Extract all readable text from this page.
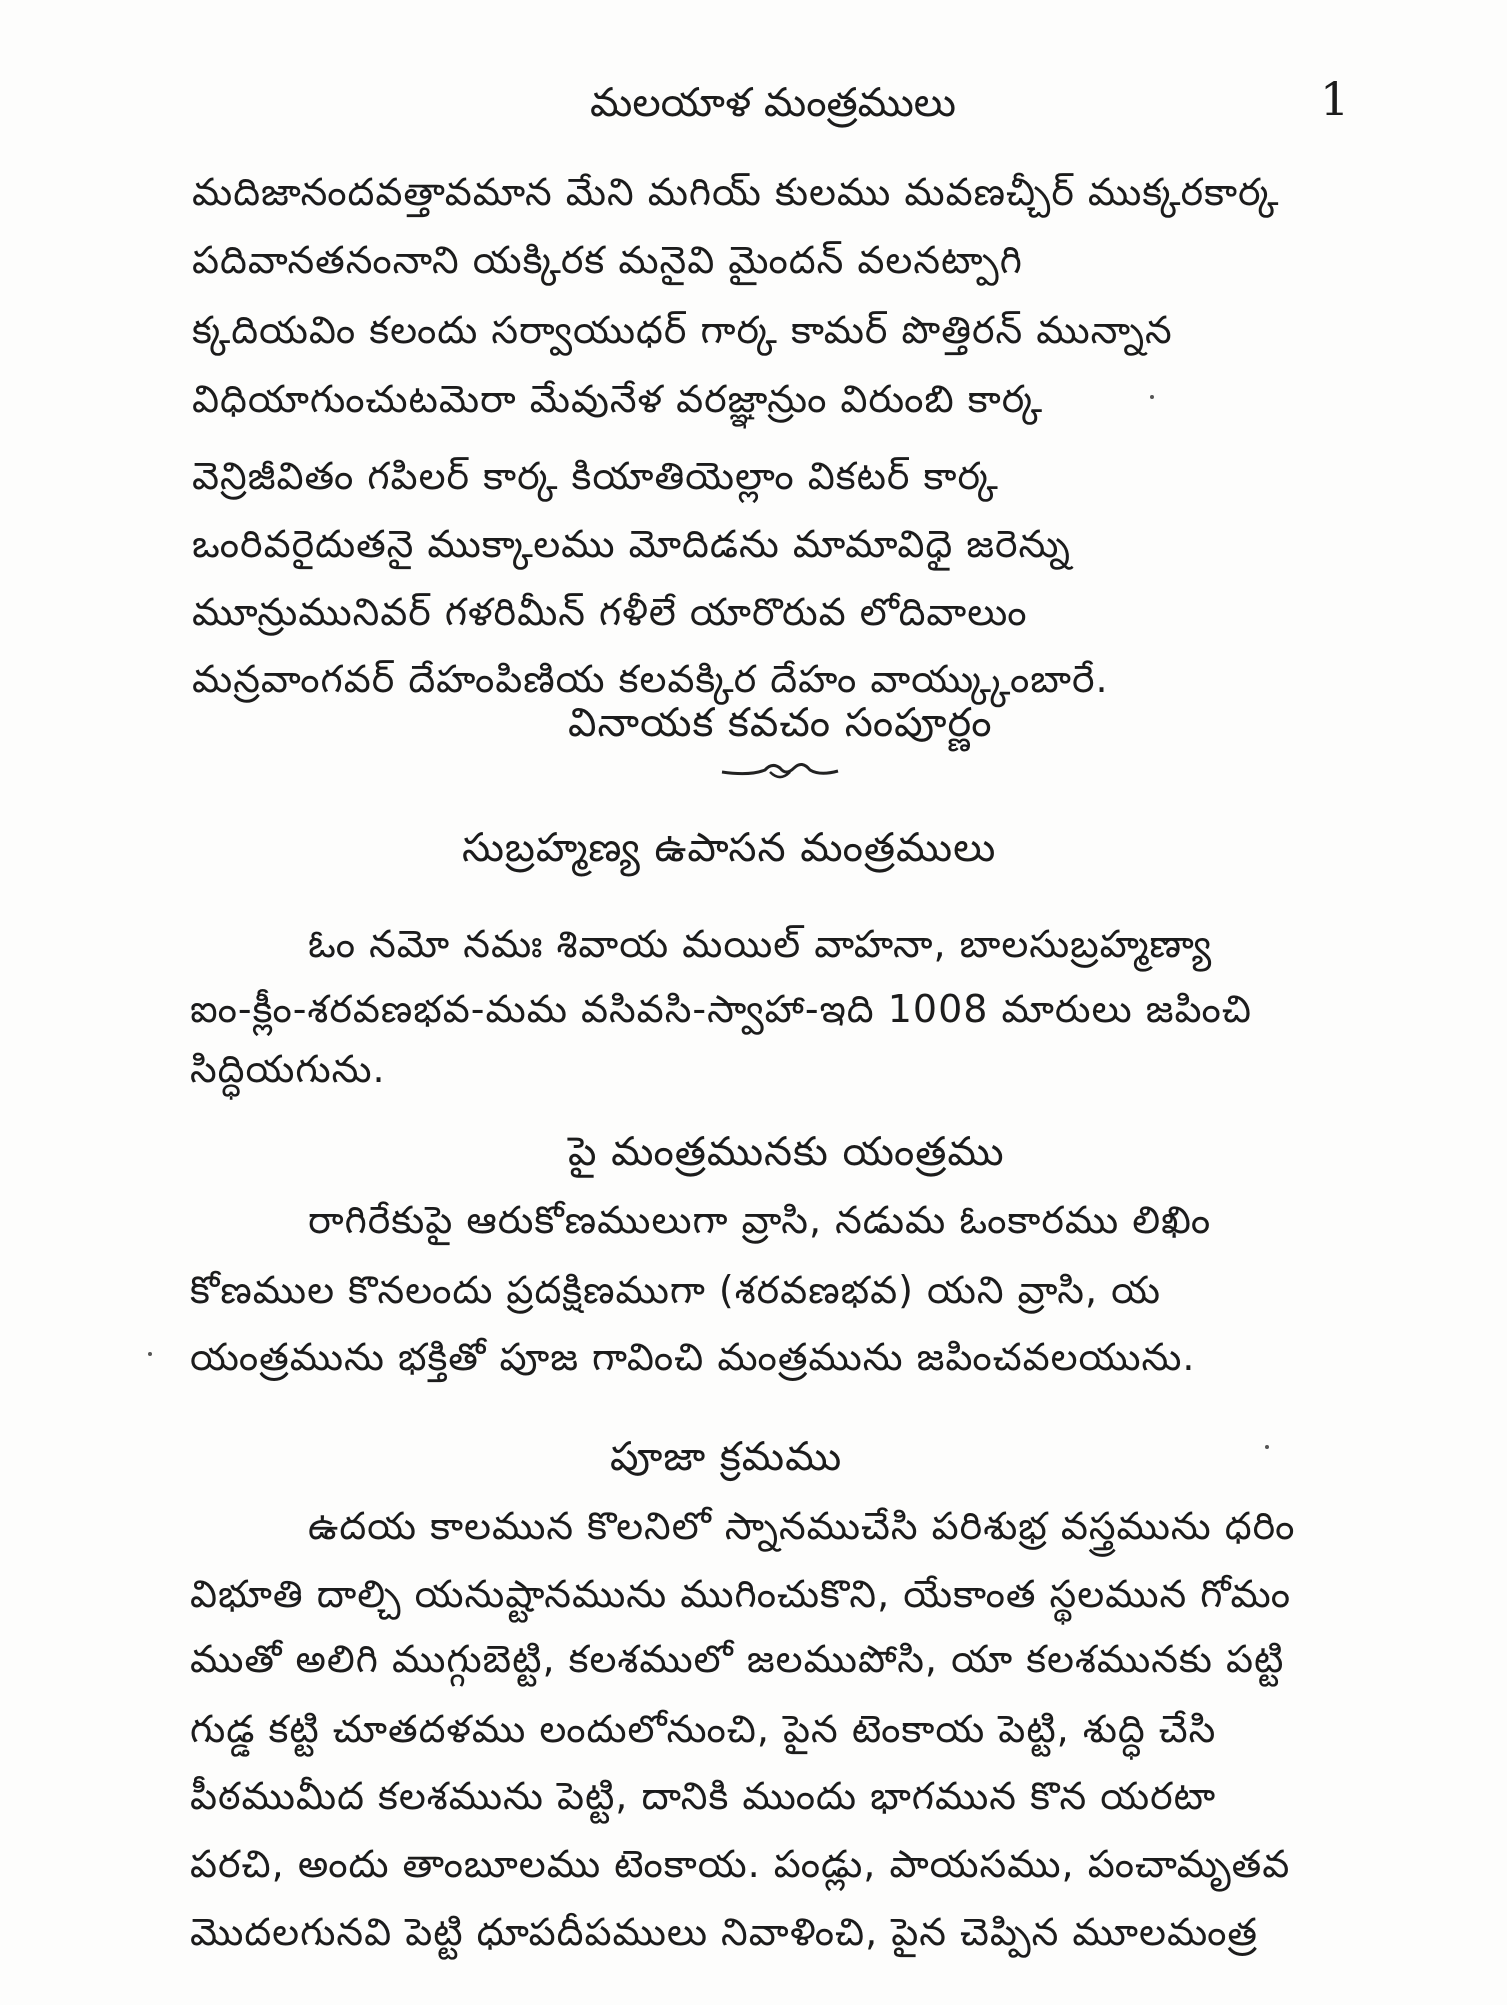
మలయాళ మంత్రములు	1
మదిజానందవత్తావమాన మేని మగియ్ కులము మవణచ్చీర్ ముక్కరకార్క
పదివానతనంనాని యక్కిరక మనైవి మైందన్ వలనట్పాగి
క్కదియవిం కలందు సర్వాయుధర్ గార్క కామర్ పొత్తిరన్ మున్నాన
విధియాగుంచుటమెరా మేవునేళ వరజ్ఞాన్రుం విరుంబి కార్క
వెన్రిజీవితం గపిలర్ కార్క కియాతియెల్లాం వికటర్ కార్క
ఒంరివరైదుతనై ముక్కాలము మోదిడను మామావిధై జరెన్ను
మూన్రుమునివర్ గళరిమీన్ గళీలే యారొరువ లోదివాలుం
మన్రవాంగవర్ దేహంపిణియ కలవక్కిర దేహం వాయ్క్కుంబారే.
వినాయక కవచం సంపూర్ణం
సుబ్రహ్మణ్య ఉపాసన మంత్రములు
ఓం నమో నమః శివాయ మయిల్ వాహనా, బాలసుబ్రహ్మణ్యా
ఐం-క్లీం-శరవణభవ-మమ వసివసి-స్వాహా-ఇది 1008 మారులు జపించి
సిద్ధియగును.
పై మంత్రమునకు యంత్రము
రాగిరేకుపై ఆరుకోణములుగా వ్రాసి, నడుమ ఓంకారము లిఖిం
కోణముల కొనలందు ప్రదక్షిణముగా (శరవణభవ) యని వ్రాసి, య
యంత్రమును భక్తితో పూజ గావించి మంత్రమును జపించవలయును.
పూజా క్రమము
ఉదయ కాలమున కొలనిలో స్నానముచేసి పరిశుభ్ర వస్త్రమును ధరిం
విభూతి దాల్చి యనుష్టానమును ముగించుకొని, యేకాంత స్థలమున గోమం
ముతో అలిగి ముగ్గుబెట్టి, కలశములో జలముపోసి, యా కలశమునకు పట్టి
గుడ్డ కట్టి చూతదళము లందులోనుంచి, పైన టెంకాయ పెట్టి, శుద్ధి చేసి
పీఠముమీద కలశమును పెట్టి, దానికి ముందు భాగమున కొన యరటా
పరచి, అందు తాంబూలము టెంకాయ. పండ్లు, పాయసము, పంచామృతవ
మొదలగునవి పెట్టి ధూపదీపములు నివాళించి, పైన చెప్పిన మూలమంత్ర
